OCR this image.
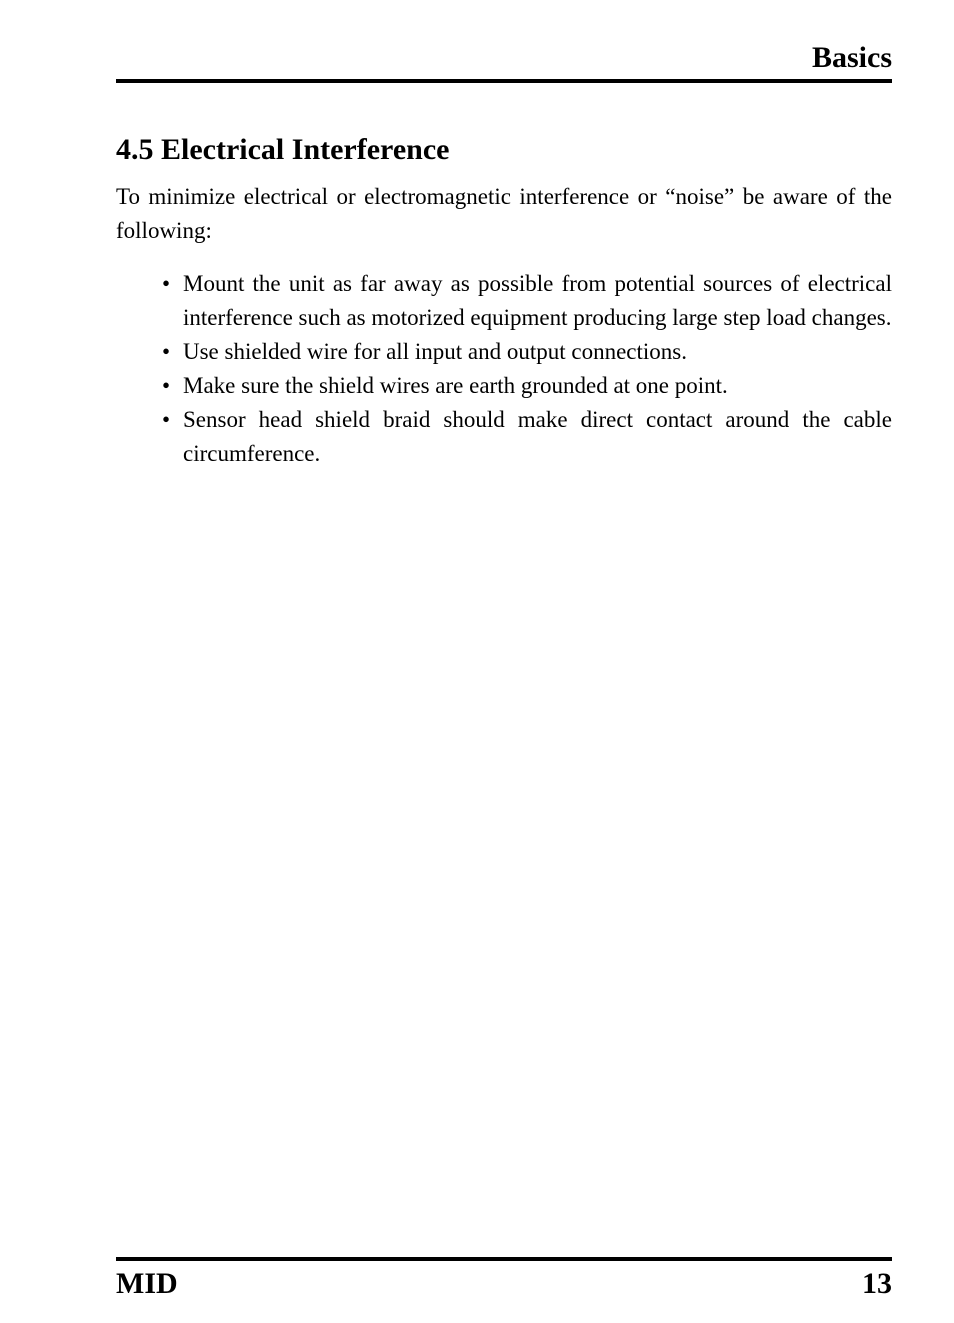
Basics
4.5 Electrical Interference

To minimize electrical or electromagnetic interference or “noise” be aware of the following:

• Mount the unit as far away as possible from potential sources of electrical interference such as motorized equipment producing large step load changes.
• Use shielded wire for all input and output connections.
• Make sure the shield wires are earth grounded at one point.
• Sensor head shield braid should make direct contact around the cable circumference.
MID	13
